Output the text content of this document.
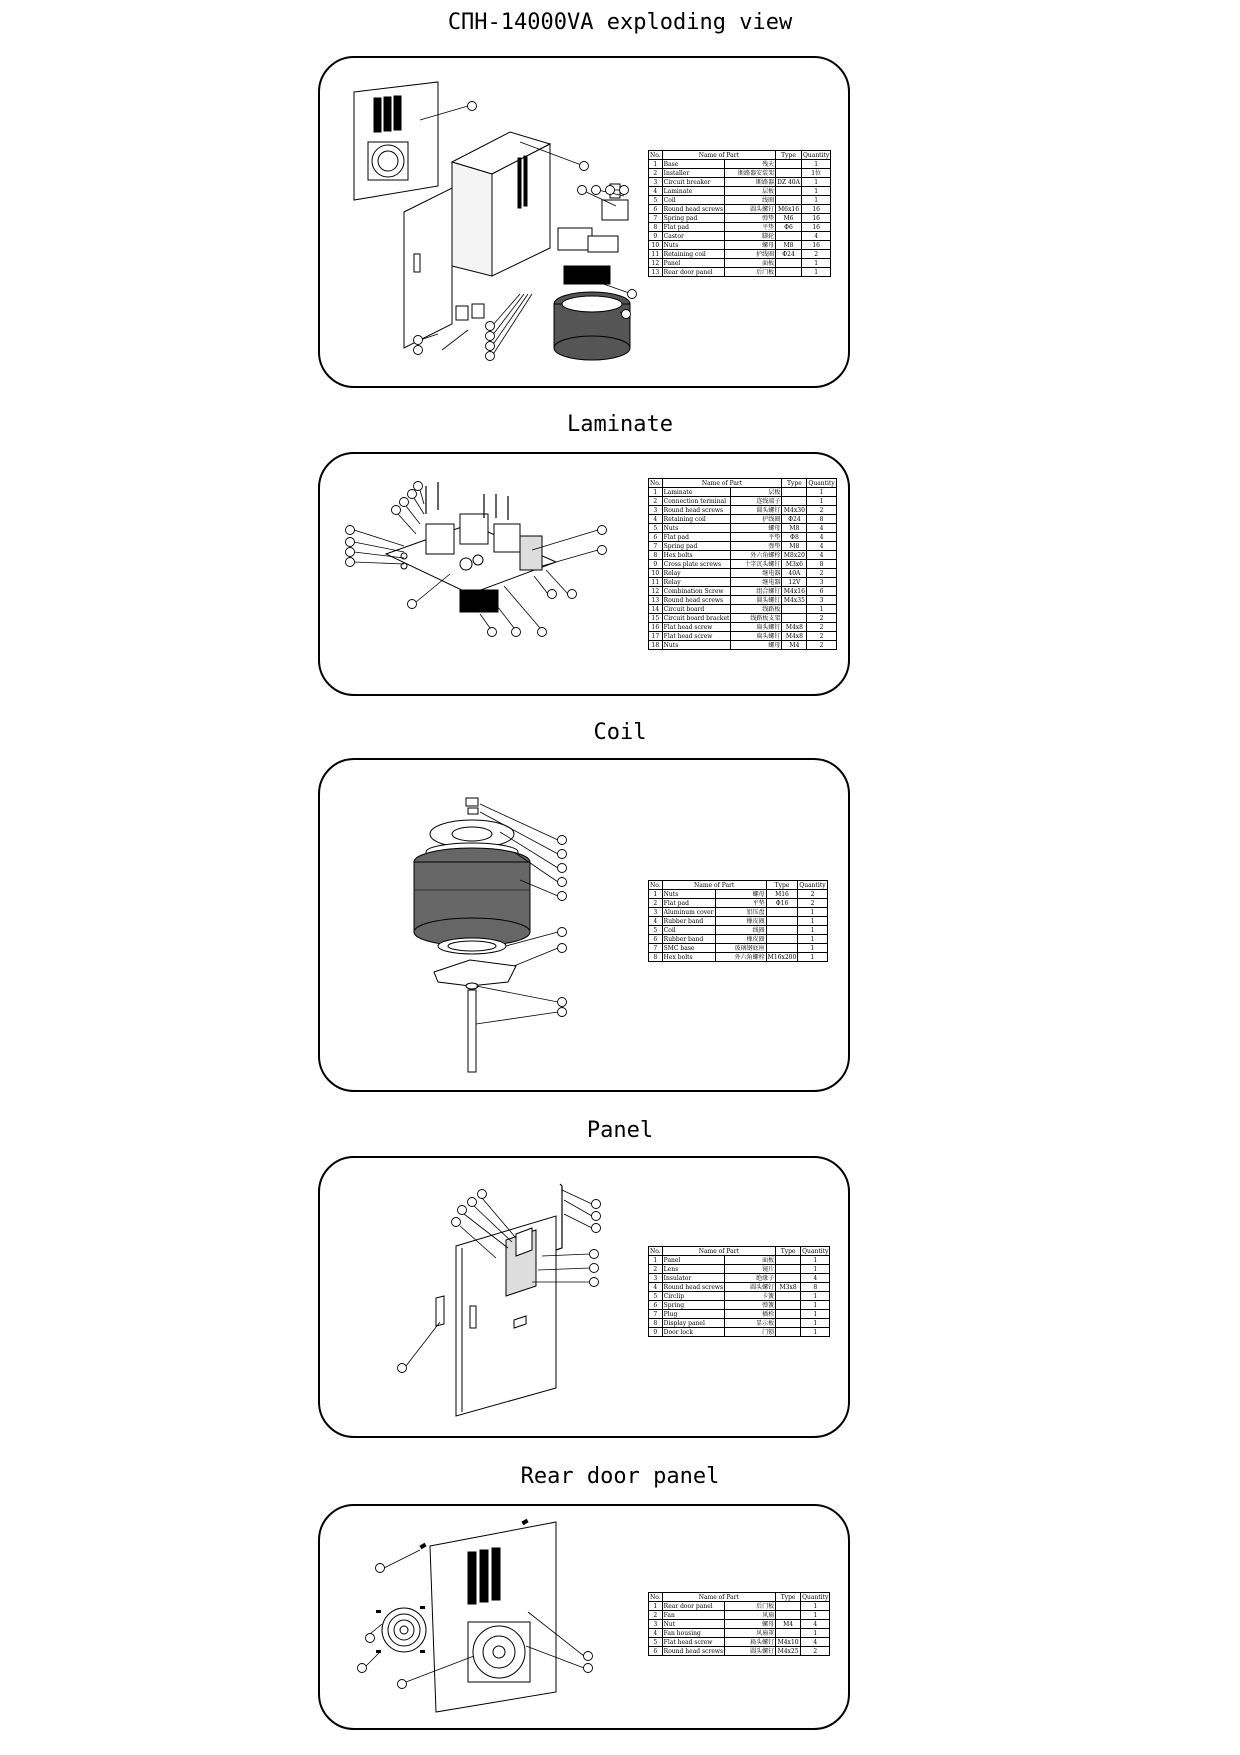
СПН-14000VA exploding view
No.	Name of Part		Type	Quantity
1	Base	残天		1
2	Installer	断路器安装架		1位
3	Circuit breaker	断路器	DZ 40A	1
4	Laminate	层板		1
5	Coil	线圈		1
6	Round head screws	圆头螺钉	M6x16	16
7	Spring pad	弹垫	M6	16
8	Flat pad	平垫	Φ6	16
9	Castor	脚轮		4
10	Nuts	螺母	M8	16
11	Retaining coil	护线圈	Φ24	2
12	Panel	面板		1
13	Rear door panel	后门板		1
Laminate
No.	Name of Part		Type	Quantity
1	Laminate	层板		1
2	Connection terminal	连线端子		1
3	Round head screws	圆头螺钉	M4x30	2
4	Retaining coil	护线圈	Φ24	8
5	Nuts	螺母	M8	4
6	Flat pad	平垫	Φ8	4
7	Spring pad	弹垫	M8	4
8	Hex bolts	外六角螺栓	M8x20	4
9	Cross plate screws	十字沉头螺钉	M3x6	8
10	Relay	继电器	40A	2
11	Relay	继电器	12V	3
12	Combination Screw	组合螺钉	M4x16	6
13	Round head screws	圆头螺钉	M4x35	3
14	Circuit board	线路板		1
15	Circuit board bracket	线路板支架		2
16	Flat head screw	扁头螺钉	M4x8	2
17	Flat head screw	扁头螺钉	M4x8	2
18	Nuts	螺母	M4	2
Coil
No.	Name of Part		Type	Quantity
1	Nuts	螺母	M16	2
2	Flat pad	平垫	Φ16	2
3	Aluminum cover	铝压盘		1
4	Rubber band	橡皮圈		1
5	Coil	线圈		1
6	Rubber band	橡皮圈		1
7	SMC base	玻璃钢底座		1
8	Hex bolts	外六角螺栓	M16x200	1
Panel
No.	Name of Part		Type	Quantity
1	Panel	面板		1
2	Lens	镜片		1
3	Insulator	绝缘子		4
4	Round head screws	圆头螺钉	M3x8	8
5	Circlip	卡簧		1
6	Spring	弹簧		1
7	Plug	插栓		1
8	Display panel	显示板		1
9	Door lock	门锁		1
Rear door panel
No.	Name of Part		Type	Quantity
1	Rear door panel	后门板		1
2	Fan	风扇		1
3	Nut	螺母	M4	4
4	Fan housing	风扇罩		1
5	Flat head screw	扁头螺钉	M4x10	4
6	Round head screws	圆头螺钉	M4x25	2
